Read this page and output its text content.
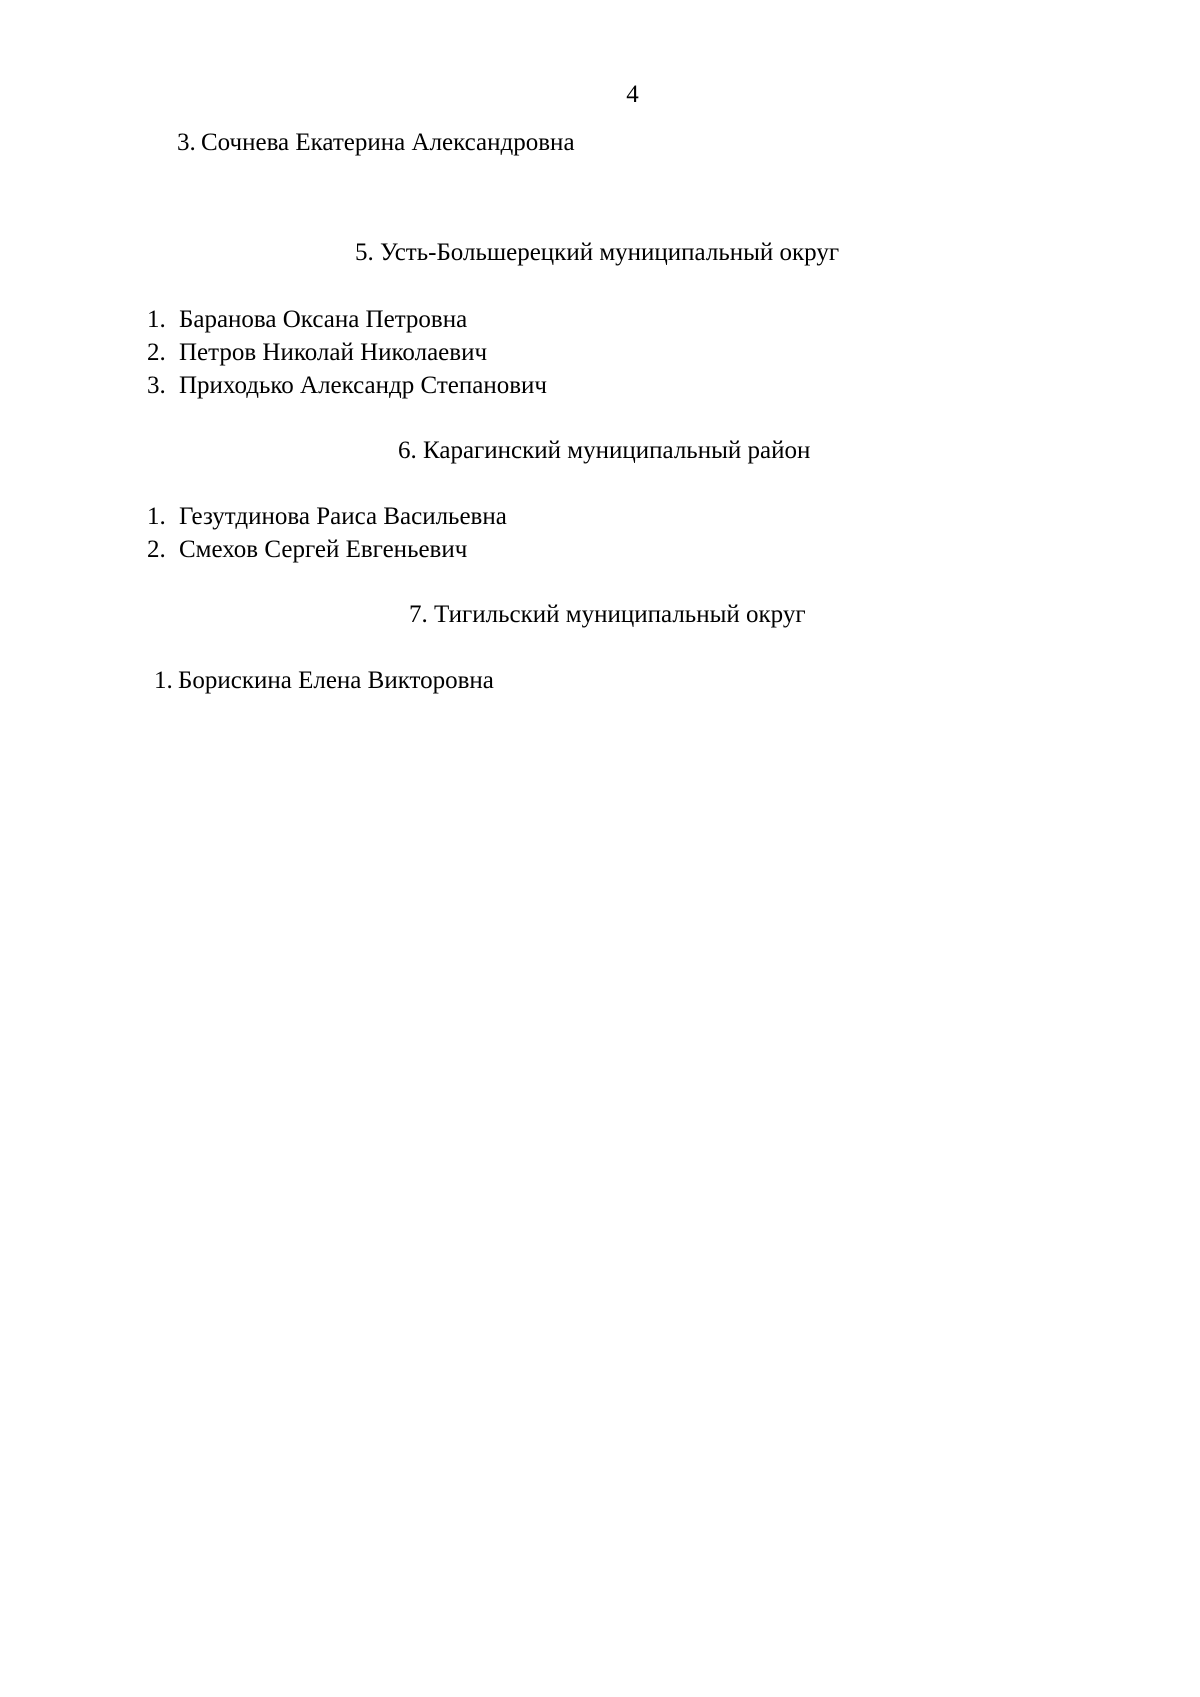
4
3. Сочнева Екатерина Александровна
5. Усть-Большерецкий муниципальный округ
1. Баранова Оксана Петровна
2. Петров Николай Николаевич
3. Приходько Александр Степанович
6. Карагинский муниципальный район
1. Гезутдинова Раиса Васильевна
2. Смехов Сергей Евгеньевич
7. Тигильский муниципальный округ
1. Борискина Елена Викторовна
